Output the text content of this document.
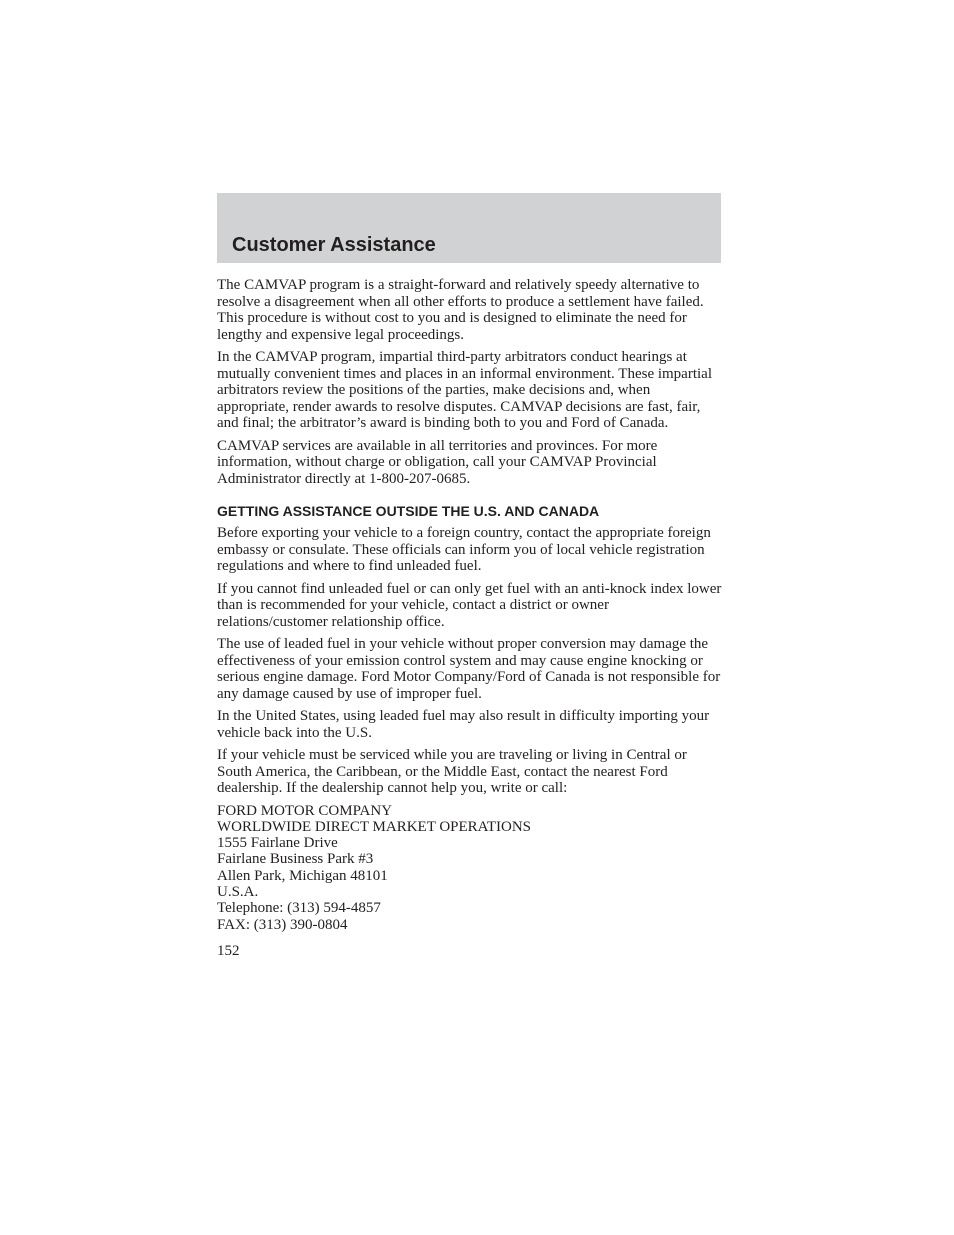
Customer Assistance

The CAMVAP program is a straight-forward and relatively speedy alternative to resolve a disagreement when all other efforts to produce a settlement have failed. This procedure is without cost to you and is designed to eliminate the need for lengthy and expensive legal proceedings.

In the CAMVAP program, impartial third-party arbitrators conduct hearings at mutually convenient times and places in an informal environment. These impartial arbitrators review the positions of the parties, make decisions and, when appropriate, render awards to resolve disputes. CAMVAP decisions are fast, fair, and final; the arbitrator’s award is binding both to you and Ford of Canada.

CAMVAP services are available in all territories and provinces. For more information, without charge or obligation, call your CAMVAP Provincial Administrator directly at 1-800-207-0685.

GETTING ASSISTANCE OUTSIDE THE U.S. AND CANADA

Before exporting your vehicle to a foreign country, contact the appropriate foreign embassy or consulate. These officials can inform you of local vehicle registration regulations and where to find unleaded fuel.

If you cannot find unleaded fuel or can only get fuel with an anti-knock index lower than is recommended for your vehicle, contact a district or owner relations/customer relationship office.

The use of leaded fuel in your vehicle without proper conversion may damage the effectiveness of your emission control system and may cause engine knocking or serious engine damage. Ford Motor Company/Ford of Canada is not responsible for any damage caused by use of improper fuel.

In the United States, using leaded fuel may also result in difficulty importing your vehicle back into the U.S.

If your vehicle must be serviced while you are traveling or living in Central or South America, the Caribbean, or the Middle East, contact the nearest Ford dealership. If the dealership cannot help you, write or call:

FORD MOTOR COMPANY
WORLDWIDE DIRECT MARKET OPERATIONS
1555 Fairlane Drive
Fairlane Business Park #3
Allen Park, Michigan 48101
U.S.A.
Telephone: (313) 594-4857
FAX: (313) 390-0804
152
